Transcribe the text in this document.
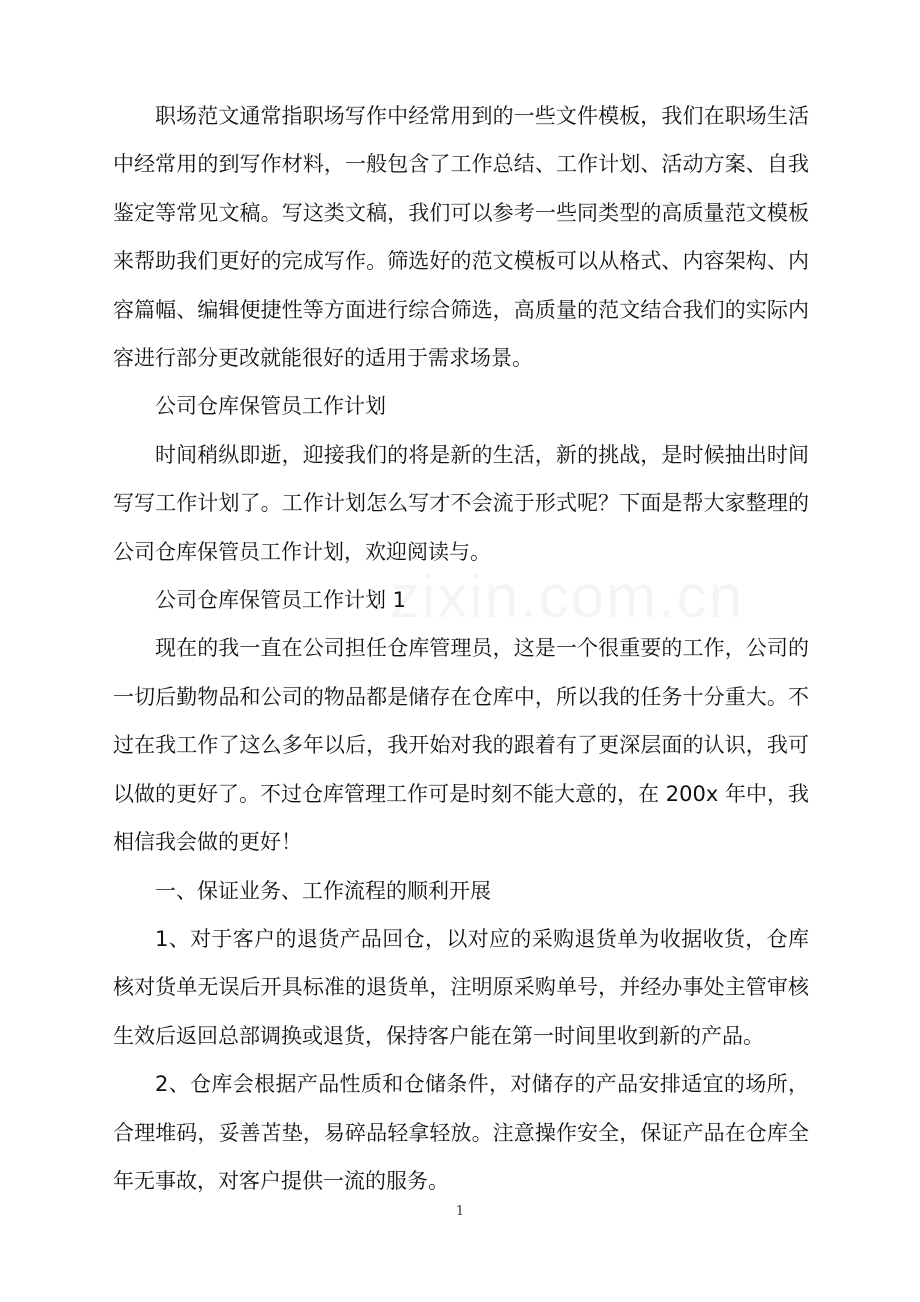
职场范文通常指职场写作中经常用到的一些文件模板，我们在职场生活中经常用的到写作材料，一般包含了工作总结、工作计划、活动方案、自我鉴定等常见文稿。写这类文稿，我们可以参考一些同类型的高质量范文模板来帮助我们更好的完成写作。筛选好的范文模板可以从格式、内容架构、内容篇幅、编辑便捷性等方面进行综合筛选，高质量的范文结合我们的实际内容进行部分更改就能很好的适用于需求场景。

公司仓库保管员工作计划

时间稍纵即逝，迎接我们的将是新的生活，新的挑战，是时候抽出时间写写工作计划了。工作计划怎么写才不会流于形式呢？下面是帮大家整理的公司仓库保管员工作计划，欢迎阅读与。

公司仓库保管员工作计划 1

现在的我一直在公司担任仓库管理员，这是一个很重要的工作，公司的一切后勤物品和公司的物品都是储存在仓库中，所以我的任务十分重大。不过在我工作了这么多年以后，我开始对我的跟着有了更深层面的认识，我可以做的更好了。不过仓库管理工作可是时刻不能大意的，在 200x 年中，我相信我会做的更好！

一、保证业务、工作流程的顺利开展

1、对于客户的退货产品回仓，以对应的采购退货单为收据收货，仓库核对货单无误后开具标准的退货单，注明原采购单号，并经办事处主管审核生效后返回总部调换或退货，保持客户能在第一时间里收到新的产品。

2、仓库会根据产品性质和仓储条件，对储存的产品安排适宜的场所，合理堆码，妥善苫垫，易碎品轻拿轻放。注意操作安全，保证产品在仓库全年无事故，对客户提供一流的服务。

1
